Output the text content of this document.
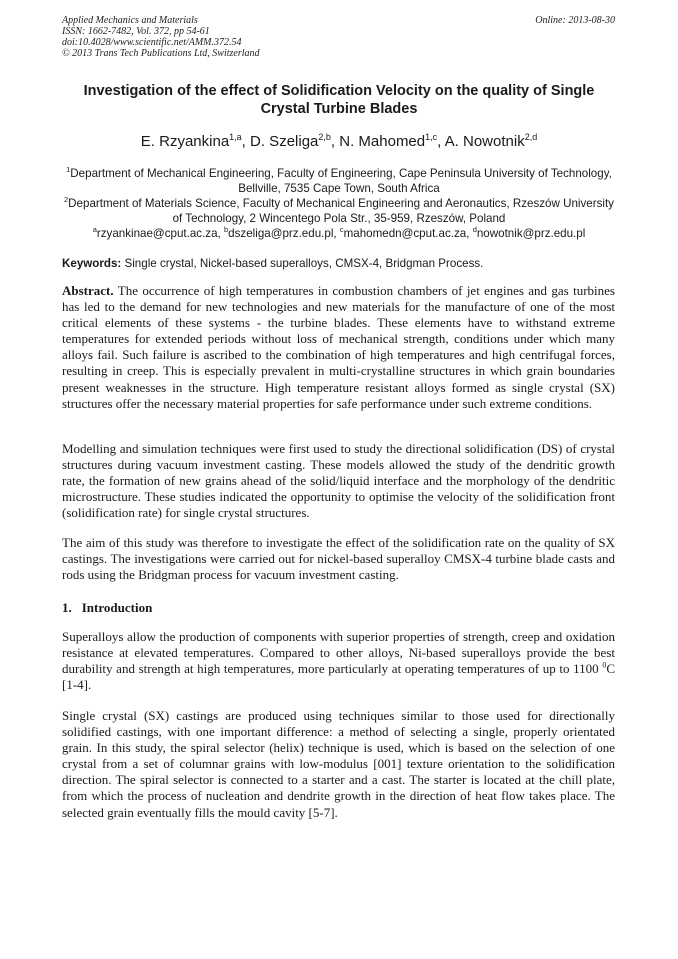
Applied Mechanics and Materials
ISSN: 1662-7482, Vol. 372, pp 54-61
doi:10.4028/www.scientific.net/AMM.372.54
© 2013 Trans Tech Publications Ltd, Switzerland
Online: 2013-08-30
Investigation of the effect of Solidification Velocity on the quality of Single Crystal Turbine Blades
E. Rzyankina$^{1,a}$, D. Szeliga$^{2,b}$, N. Mahomed$^{1,c}$, A. Nowotnik$^{2,d}$

$^1$Department of Mechanical Engineering, Faculty of Engineering, Cape Peninsula University of Technology, Bellville, 7535 Cape Town, South Africa

$^2$Department of Materials Science, Faculty of Mechanical Engineering and Aeronautics, Rzeszów University of Technology, 2 Wincentego Pola Str., 35-959, Rzeszów, Poland

$^a$rzyankinae@cput.ac.za, $^b$dszeliga@prz.edu.pl, $^c$mahomedn@cput.ac.za, $^d$nowotnik@prz.edu.pl

Keywords: Single crystal, Nickel-based superalloys, CMSX-4, Bridgman Process.
Abstract. The occurrence of high temperatures in combustion chambers of jet engines and gas turbines has led to the demand for new technologies and new materials for the manufacture of one of the most critical elements of these systems - the turbine blades. These elements have to withstand extreme temperatures for extended periods without loss of mechanical strength, conditions under which many alloys fail. Such failure is ascribed to the combination of high temperatures and high centrifugal forces, resulting in creep. This is especially prevalent in multi-crystalline structures in which grain boundaries present weaknesses in the structure. High temperature resistant alloys formed as single crystal (SX) structures offer the necessary material properties for safe performance under such extreme conditions.
Modelling and simulation techniques were first used to study the directional solidification (DS) of crystal structures during vacuum investment casting. These models allowed the study of the dendritic growth rate, the formation of new grains ahead of the solid/liquid interface and the morphology of the dendritic microstructure. These studies indicated the opportunity to optimise the velocity of the solidification front (solidification rate) for single crystal structures.
The aim of this study was therefore to investigate the effect of the solidification rate on the quality of SX castings. The investigations were carried out for nickel-based superalloy CMSX-4 turbine blade casts and rods using the Bridgman process for vacuum investment casting.
1. Introduction
Superalloys allow the production of components with superior properties of strength, creep and oxidation resistance at elevated temperatures. Compared to other alloys, Ni-based superalloys provide the best durability and strength at high temperatures, more particularly at operating temperatures of up to 1100 $^0$C [1-4].
Single crystal (SX) castings are produced using techniques similar to those used for directionally solidified castings, with one important difference: a method of selecting a single, properly orientated grain. In this study, the spiral selector (helix) technique is used, which is based on the selection of one crystal from a set of columnar grains with low-modulus [001] texture orientation to the solidification direction. The spiral selector is connected to a starter and a cast. The starter is located at the chill plate, from which the process of nucleation and dendrite growth in the direction of heat flow takes place. The selected grain eventually fills the mould cavity [5-7].
